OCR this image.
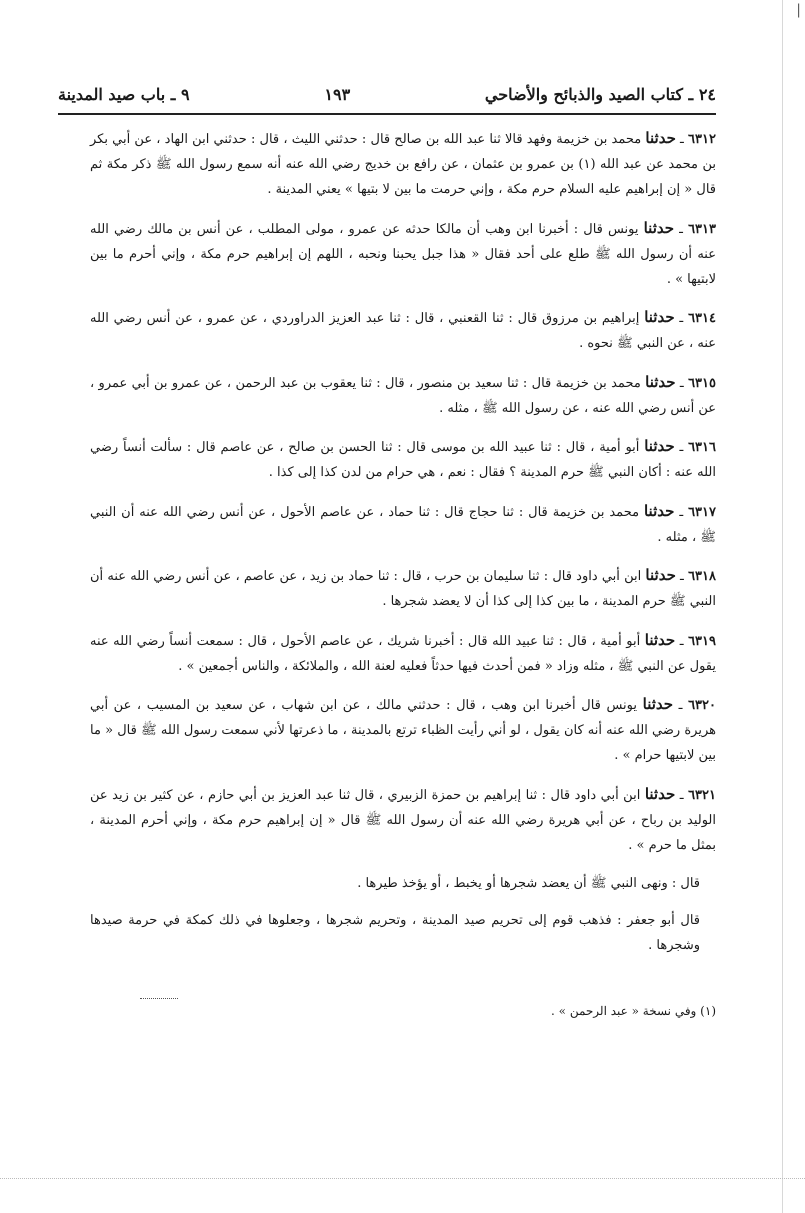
|
٢٤ ـ كتاب الصيد والذبائح والأضاحي
١٩٣
٩ ـ باب صيد المدينة

٦٣١٢ ـ حدثنا محمد بن خزيمة وفهد قالا ثنا عبد الله بن صالح قال : حدثني الليث ، قال : حدثني ابن الهاد ، عن أبي بكر بن محمد عن عبد الله (١) بن عمرو بن عثمان ، عن رافع بن خديج رضي الله عنه أنه سمع رسول الله ﷺ ذكر مكة ثم قال « إن إبراهيم عليه السلام حرم مكة ، وإني حرمت ما بين لا بتيها » يعني المدينة .

٦٣١٣ ـ حدثنا يونس قال : أخبرنا ابن وهب أن مالكا حدثه عن عمرو ، مولى المطلب ، عن أنس بن مالك رضي الله عنه أن رسول الله ﷺ طلع على أحد فقال « هذا جبل يحبنا ونحبه ، اللهم إن إبراهيم حرم مكة ، وإني أحرم ما بين لابتيها » .

٦٣١٤ ـ حدثنا إبراهيم بن مرزوق قال : ثنا القعنبي ، قال : ثنا عبد العزيز الدراوردي ، عن عمرو ، عن أنس رضي الله عنه ، عن النبي ﷺ نحوه .

٦٣١٥ ـ حدثنا محمد بن خزيمة قال : ثنا سعيد بن منصور ، قال : ثنا يعقوب بن عبد الرحمن ، عن عمرو بن أبي عمرو ، عن أنس رضي الله عنه ، عن رسول الله ﷺ ، مثله .

٦٣١٦ ـ حدثنا أبو أمية ، قال : ثنا عبيد الله بن موسى قال : ثنا الحسن بن صالح ، عن عاصم قال : سألت أنساً رضي الله عنه : أكان النبي ﷺ حرم المدينة ؟ فقال : نعم ، هي حرام من لدن كذا إلى كذا .

٦٣١٧ ـ حدثنا محمد بن خزيمة قال : ثنا حجاج قال : ثنا حماد ، عن عاصم الأحول ، عن أنس رضي الله عنه أن النبي ﷺ ، مثله .

٦٣١٨ ـ حدثنا ابن أبي داود قال : ثنا سليمان بن حرب ، قال : ثنا حماد بن زيد ، عن عاصم ، عن أنس رضي الله عنه أن النبي ﷺ حرم المدينة ، ما بين كذا إلى كذا أن لا يعضد شجرها .

٦٣١٩ ـ حدثنا أبو أمية ، قال : ثنا عبيد الله قال : أخبرنا شريك ، عن عاصم الأحول ، قال : سمعت أنساً رضي الله عنه يقول عن النبي ﷺ ، مثله وزاد « فمن أحدث فيها حدثاً فعليه لعنة الله ، والملائكة ، والناس أجمعين » .

٦٣٢٠ ـ حدثنا يونس قال أخبرنا ابن وهب ، قال : حدثني مالك ، عن ابن شهاب ، عن سعيد بن المسيب ، عن أبي هريرة رضي الله عنه أنه كان يقول ، لو أني رأيت الظباء ترتع بالمدينة ، ما ذعرتها لأني سمعت رسول الله ﷺ قال « ما بين لابتيها حرام » .

٦٣٢١ ـ حدثنا ابن أبي داود قال : ثنا إبراهيم بن حمزة الزبيري ، قال ثنا عبد العزيز بن أبي حازم ، عن كثير بن زيد عن الوليد بن رباح ، عن أبي هريرة رضي الله عنه أن رسول الله ﷺ قال « إن إبراهيم حرم مكة ، وإني أحرم المدينة ، بمثل ما حرم » .

قال : ونهى النبي ﷺ أن يعضد شجرها أو يخبط ، أو يؤخذ طيرها .

قال أبو جعفر : فذهب قوم إلى تحريم صيد المدينة ، وتحريم شجرها ، وجعلوها في ذلك كمكة في حرمة صيدها وشجرها .

(١) وفي نسخة « عبد الرحمن » .
